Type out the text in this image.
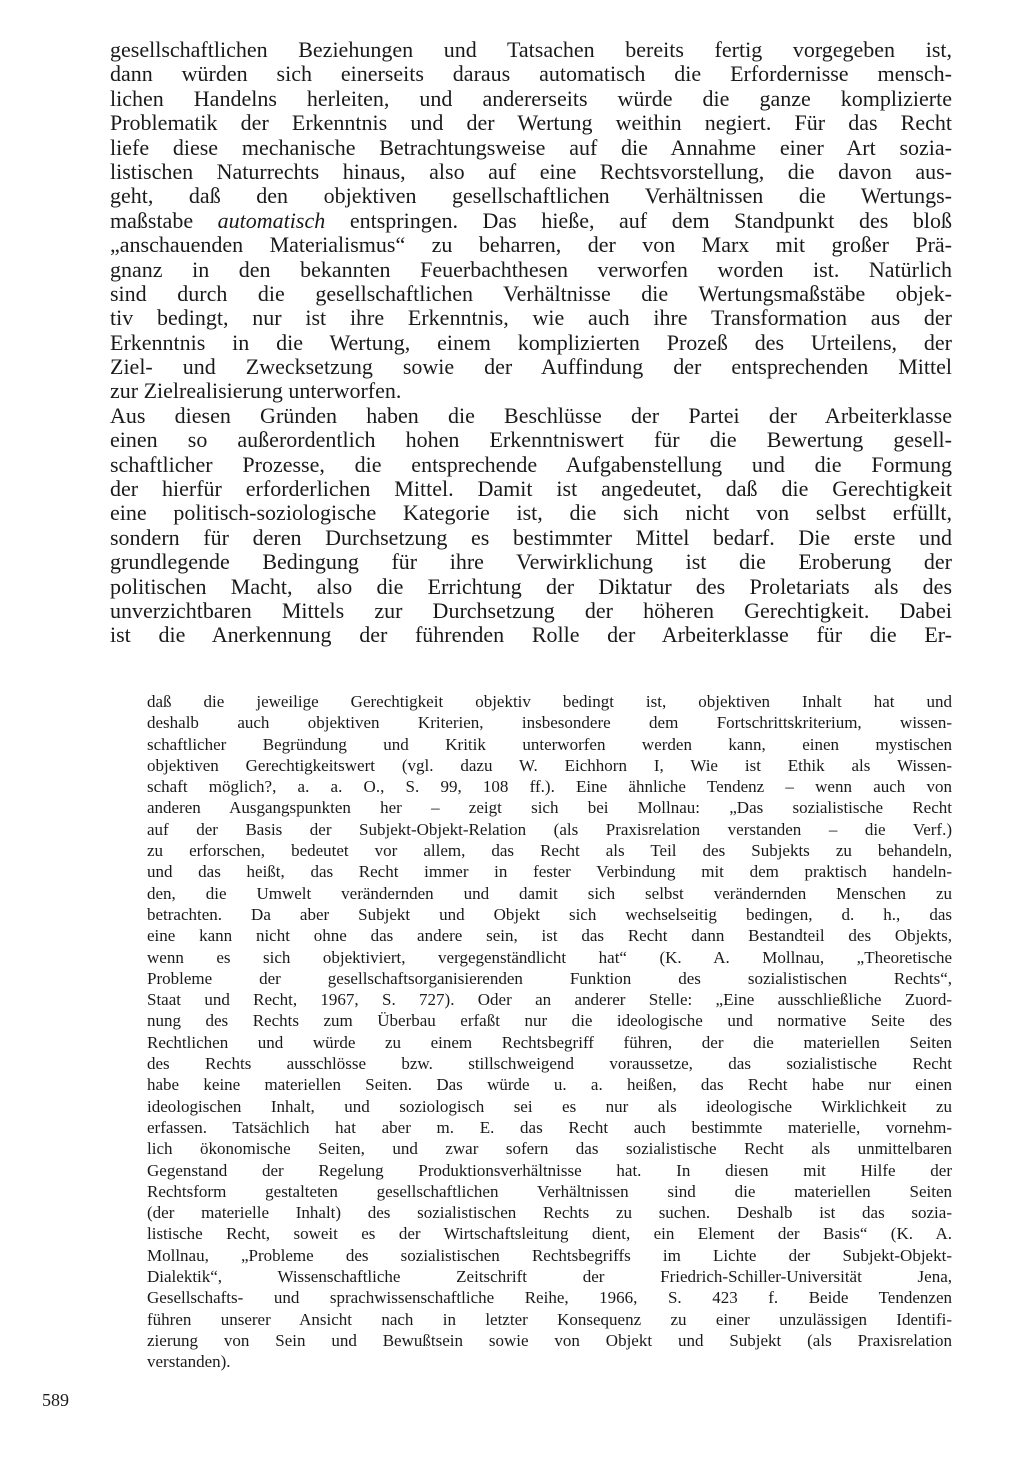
gesellschaftlichen Beziehungen und Tatsachen bereits fertig vorgegeben ist,
dann würden sich einerseits daraus automatisch die Erfordernisse mensch-
lichen Handelns herleiten, und andererseits würde die ganze komplizierte
Problematik der Erkenntnis und der Wertung weithin negiert. Für das Recht
liefe diese mechanische Betrachtungsweise auf die Annahme einer Art sozia-
listischen Naturrechts hinaus, also auf eine Rechtsvorstellung, die davon aus-
geht, daß den objektiven gesellschaftlichen Verhältnissen die Wertungs-
maßstabe automatisch entspringen. Das hieße, auf dem Standpunkt des bloß
„anschauenden Materialismus“ zu beharren, der von Marx mit großer Prä-
gnanz in den bekannten Feuerbachthesen verworfen worden ist. Natürlich
sind durch die gesellschaftlichen Verhältnisse die Wertungsmaßstäbe objek-
tiv bedingt, nur ist ihre Erkenntnis, wie auch ihre Transformation aus der
Erkenntnis in die Wertung, einem komplizierten Prozeß des Urteilens, der
Ziel- und Zwecksetzung sowie der Auffindung der entsprechenden Mittel
zur Zielrealisierung unterworfen.
Aus diesen Gründen haben die Beschlüsse der Partei der Arbeiterklasse
einen so außerordentlich hohen Erkenntniswert für die Bewertung gesell-
schaftlicher Prozesse, die entsprechende Aufgabenstellung und die Formung
der hierfür erforderlichen Mittel. Damit ist angedeutet, daß die Gerechtigkeit
eine politisch-soziologische Kategorie ist, die sich nicht von selbst erfüllt,
sondern für deren Durchsetzung es bestimmter Mittel bedarf. Die erste und
grundlegende Bedingung für ihre Verwirklichung ist die Eroberung der
politischen Macht, also die Errichtung der Diktatur des Proletariats als des
unverzichtbaren Mittels zur Durchsetzung der höheren Gerechtigkeit. Dabei
ist die Anerkennung der führenden Rolle der Arbeiterklasse für die Er-
daß die jeweilige Gerechtigkeit objektiv bedingt ist, objektiven Inhalt hat und
deshalb auch objektiven Kriterien, insbesondere dem Fortschrittskriterium, wissen-
schaftlicher Begründung und Kritik unterworfen werden kann, einen mystischen
objektiven Gerechtigkeitswert (vgl. dazu W. Eichhorn I, Wie ist Ethik als Wissen-
schaft möglich?, a. a. O., S. 99, 108 ff.). Eine ähnliche Tendenz – wenn auch von
anderen Ausgangspunkten her – zeigt sich bei Mollnau: „Das sozialistische Recht
auf der Basis der Subjekt-Objekt-Relation (als Praxisrelation verstanden – die Verf.)
zu erforschen, bedeutet vor allem, das Recht als Teil des Subjekts zu behandeln,
und das heißt, das Recht immer in fester Verbindung mit dem praktisch handeln-
den, die Umwelt verändernden und damit sich selbst verändernden Menschen zu
betrachten. Da aber Subjekt und Objekt sich wechselseitig bedingen, d. h., das
eine kann nicht ohne das andere sein, ist das Recht dann Bestandteil des Objekts,
wenn es sich objektiviert, vergegenständlicht hat“ (K. A. Mollnau, „Theoretische
Probleme der gesellschaftsorganisierenden Funktion des sozialistischen Rechts“,
Staat und Recht, 1967, S. 727). Oder an anderer Stelle: „Eine ausschließliche Zuord-
nung des Rechts zum Überbau erfaßt nur die ideologische und normative Seite des
Rechtlichen und würde zu einem Rechtsbegriff führen, der die materiellen Seiten
des Rechts ausschlösse bzw. stillschweigend voraussetze, das sozialistische Recht
habe keine materiellen Seiten. Das würde u. a. heißen, das Recht habe nur einen
ideologischen Inhalt, und soziologisch sei es nur als ideologische Wirklichkeit zu
erfassen. Tatsächlich hat aber m. E. das Recht auch bestimmte materielle, vornehm-
lich ökonomische Seiten, und zwar sofern das sozialistische Recht als unmittelbaren
Gegenstand der Regelung Produktionsverhältnisse hat. In diesen mit Hilfe der
Rechtsform gestalteten gesellschaftlichen Verhältnissen sind die materiellen Seiten
(der materielle Inhalt) des sozialistischen Rechts zu suchen. Deshalb ist das sozia-
listische Recht, soweit es der Wirtschaftsleitung dient, ein Element der Basis“ (K. A.
Mollnau, „Probleme des sozialistischen Rechtsbegriffs im Lichte der Subjekt-Objekt-
Dialektik“, Wissenschaftliche Zeitschrift der Friedrich-Schiller-Universität Jena,
Gesellschafts- und sprachwissenschaftliche Reihe, 1966, S. 423 f. Beide Tendenzen
führen unserer Ansicht nach in letzter Konsequenz zu einer unzulässigen Identifi-
zierung von Sein und Bewußtsein sowie von Objekt und Subjekt (als Praxisrelation
verstanden).
589
